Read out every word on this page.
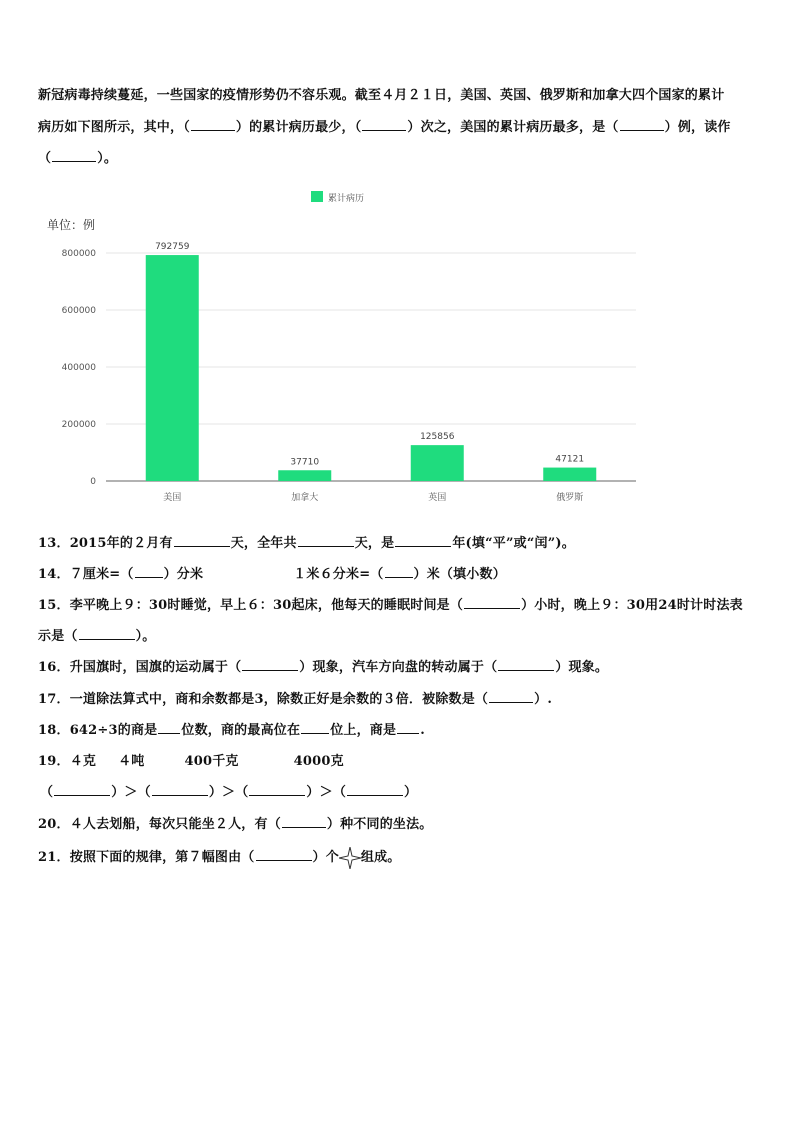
新冠病毒持续蔓延，一些国家的疫情形势仍不容乐观。截至４月２１日，美国、英国、俄罗斯和加拿大四个国家的累计
病历如下图所示，其中，（	）的累计病历最少，（	）次之，美国的累计病历最多，是（	）例，读作
（	）。
累计病历
单位：例
0
200000
400000
600000
800000
792759
美国
37710
加拿大
125856
英国
47121
俄罗斯
13．2015年的２月有	天，全年共	天，是	年(填“平”或“闰”)。
14．７厘米=（ ）分米	１米６分米=（ ）米（填小数）
15．李平晚上９：30时睡觉，早上６：30起床，他每天的睡眠时间是（	）小时，晚上９：30用24时计时法表
示是（	）。
16．升国旗时，国旗的运动属于（	）现象，汽车方向盘的转动属于（	）现象。
17．一道除法算式中，商和余数都是3，除数正好是余数的３倍．被除数是（	）.
18．642÷3的商是 位数，商的最高位在 位上，商是 .
19．４克 ４吨	400千克	4000克
（	）＞（	）＞（	）＞（	）
20．４人去划船，每次只能坐２人，有（	）种不同的坐法。
21．按照下面的规律，第７幅图由（	）个 组成。
